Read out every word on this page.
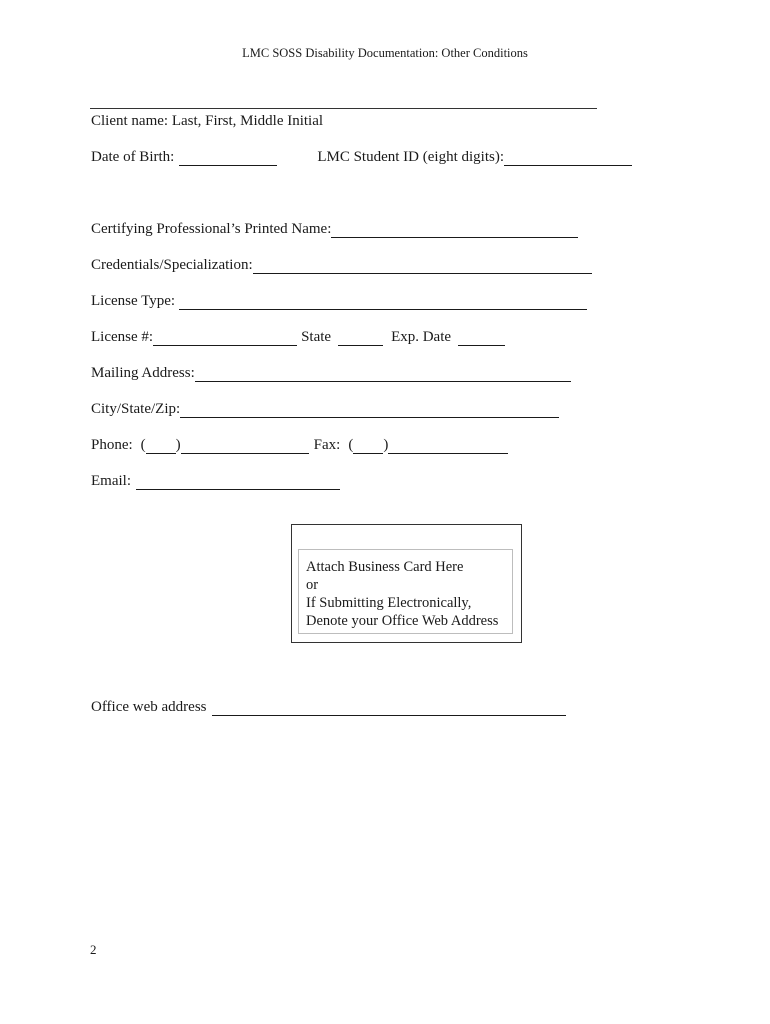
LMC SOSS Disability Documentation: Other Conditions
Client name: Last, First, Middle Initial
Date of Birth:	LMC Student ID (eight digits):
Certifying Professional’s Printed Name:
Credentials/Specialization:
License Type:
License #:	State	Exp. Date
Mailing Address:
City/State/Zip:
Phone: ( )	Fax: ( )
Email:
Attach Business Card Here
or
If Submitting Electronically,
Denote your Office Web Address
Office web address
2
